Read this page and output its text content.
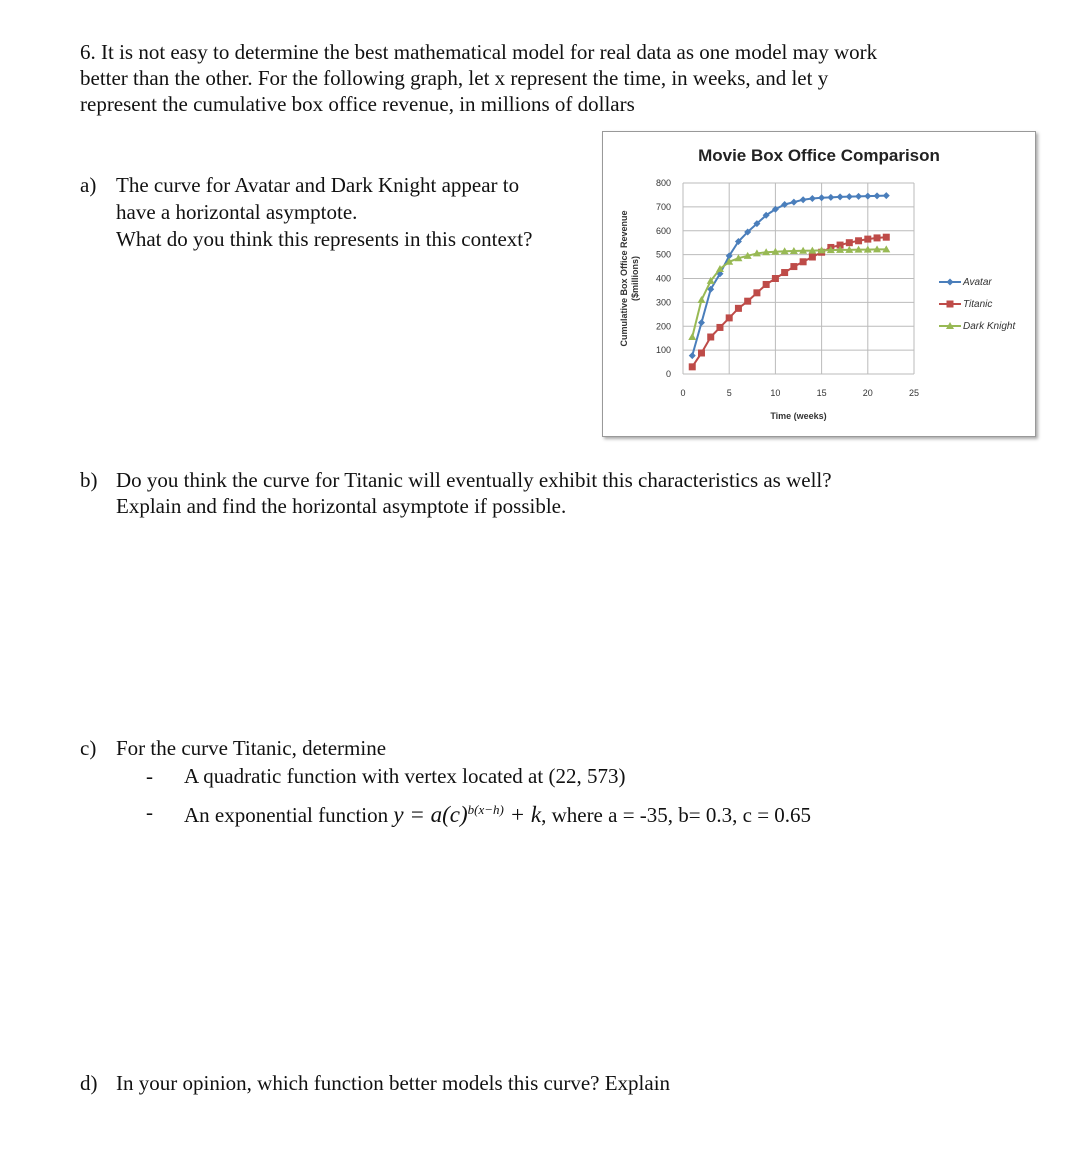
6. It is not easy to determine the best mathematical model for real data as one model may work
better than the other. For the following graph, let x represent the time, in weeks, and let y
represent the cumulative box office revenue, in millions of dollars
a) The curve for Avatar and Dark Knight appear to
have a horizontal asymptote.
What do you think this represents in this context?
Movie Box Office Comparison
0
100
200
300
400
500
600
700
800
0	5	10	15	20	25
Time (weeks)
Cumulative Box Office Revenue ($millions)	Avatar
Titanic
Dark Knight
b) Do you think the curve for Titanic will eventually exhibit this characteristics as well?
Explain and find the horizontal asymptote if possible.
c) For the curve Titanic, determine
- A quadratic function with vertex located at (22, 573)
- An exponential function $y = a(c)^{b(x-h)} + k$, where a = -35, b= 0.3, c = 0.65
d) In your opinion, which function better models this curve? Explain
